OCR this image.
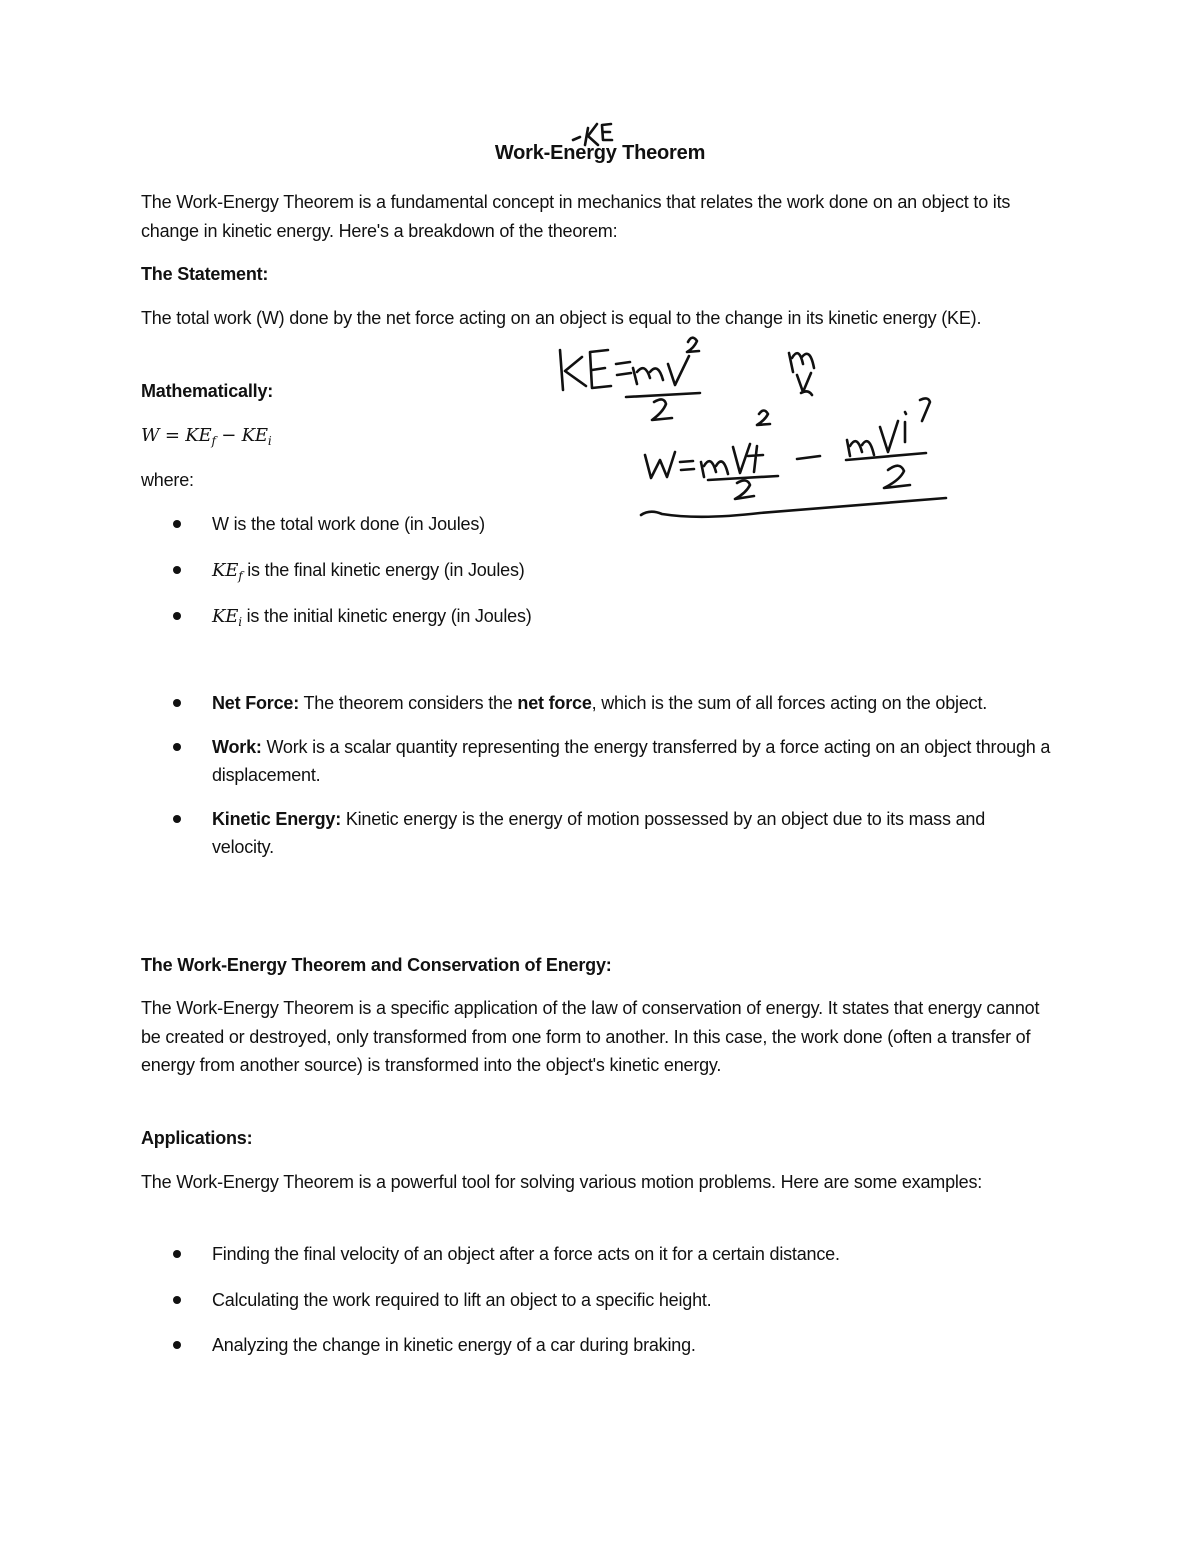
Work-Energy Theorem
The Work-Energy Theorem is a fundamental concept in mechanics that relates the work done on an object to its change in kinetic energy. Here's a breakdown of the theorem:
The Statement:
The total work (W) done by the net force acting on an object is equal to the change in its kinetic energy (KE).
Mathematically:
$W = KE_f - KE_i$
where:
W is the total work done (in Joules)
$KE_f$ is the final kinetic energy (in Joules)
$KE_i$ is the initial kinetic energy (in Joules)
Net Force: The theorem considers the net force, which is the sum of all forces acting on the object.
Work: Work is a scalar quantity representing the energy transferred by a force acting on an object through a displacement.
Kinetic Energy: Kinetic energy is the energy of motion possessed by an object due to its mass and velocity.
The Work-Energy Theorem and Conservation of Energy:
The Work-Energy Theorem is a specific application of the law of conservation of energy. It states that energy cannot be created or destroyed, only transformed from one form to another. In this case, the work done (often a transfer of energy from another source) is transformed into the object's kinetic energy.
Applications:
The Work-Energy Theorem is a powerful tool for solving various motion problems. Here are some examples:
Finding the final velocity of an object after a force acts on it for a certain distance.
Calculating the work required to lift an object to a specific height.
Analyzing the change in kinetic energy of a car during braking.
